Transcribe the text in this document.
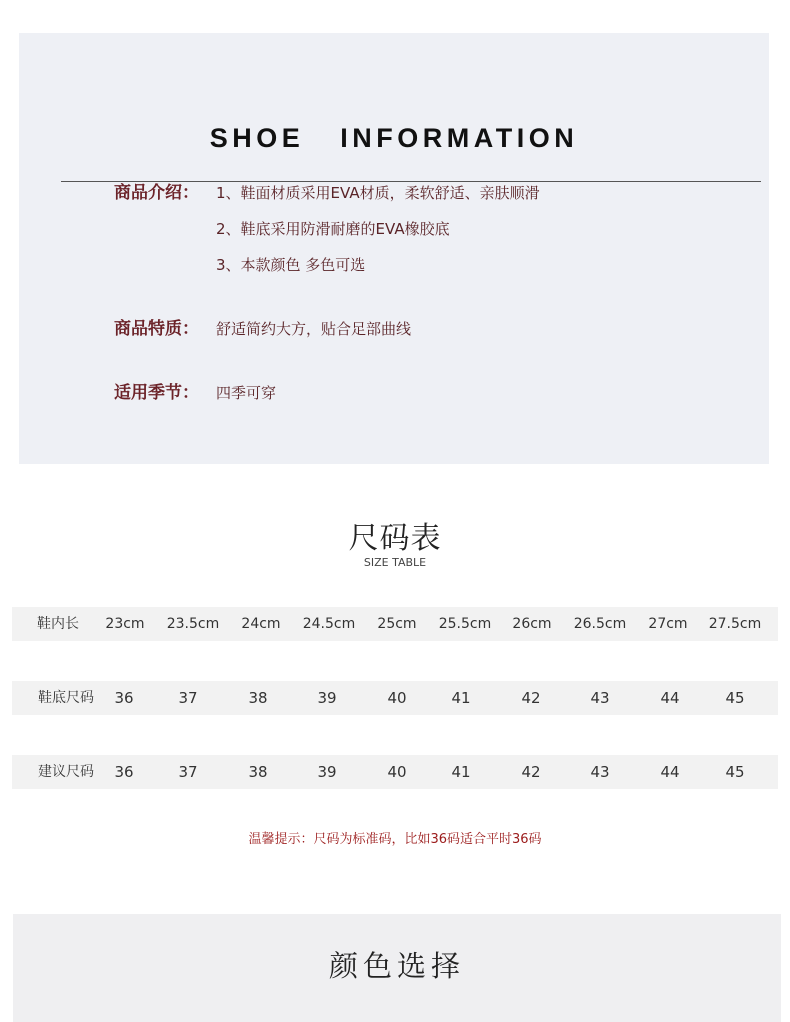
SHOE   INFORMATION
商品介绍： 1、鞋面材质采用EVA材质，柔软舒适、亲肤顺滑
2、鞋底采用防滑耐磨的EVA橡胶底
3、本款颜色 多色可选
商品特质： 舒适简约大方，贴合足部曲线
适用季节： 四季可穿
尺码表
SIZE TABLE
鞋内长 23cm 23.5cm 24cm 24.5cm 25cm 25.5cm 26cm 26.5cm 27cm 27.5cm
鞋底尺码 36	37	38	39	40	41	42	43	44	45
建议尺码 36	37	38	39	40	41	42	43	44	45
温馨提示：尺码为标准码，比如36码适合平时36码
颜色选择
